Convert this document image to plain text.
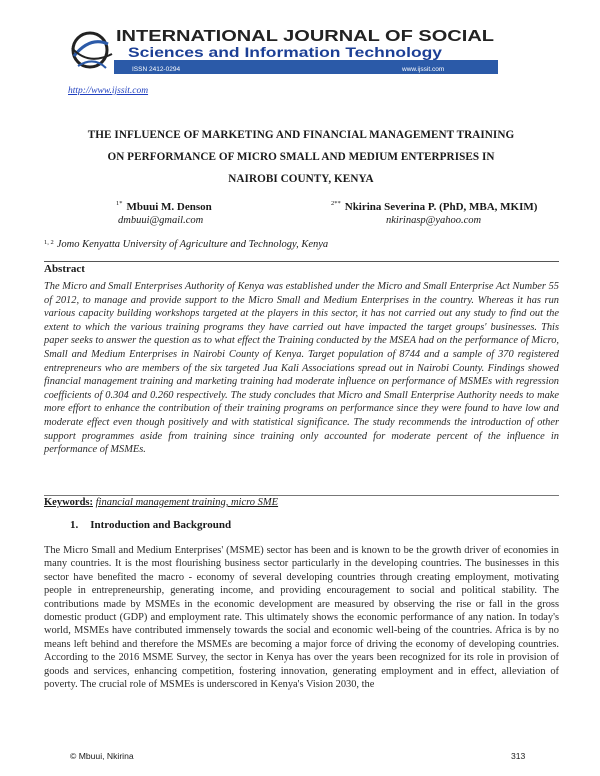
INTERNATIONAL JOURNAL OF SOCIAL
Sciences and Information Technology
ISSN 2412-0294	www.ijssit.com
http://www.ijssit.com
THE INFLUENCE OF MARKETING AND FINANCIAL MANAGEMENT TRAINING
ON PERFORMANCE OF MICRO SMALL AND MEDIUM ENTERPRISES IN
NAIROBI COUNTY, KENYA
$^{1*}$ Mbuui M. Denson
dmbuui@gmail.com
$^{2**}$ Nkirina Severina P. (PhD, MBA, MKIM)
nkirinasp@yahoo.com
$^{1, 2}$ Jomo Kenyatta University of Agriculture and Technology, Kenya
Abstract
The Micro and Small Enterprises Authority of Kenya was established under the Micro and Small Enterprise Act Number 55 of 2012, to manage and provide support to the Micro Small and Medium Enterprises in the country. Whereas it has run various capacity building workshops targeted at the players in this sector, it has not carried out any study to find out the extent to which the various training programs they have carried out have impacted the target groups' businesses. This paper seeks to answer the question as to what effect the Training conducted by the MSEA had on the performance of Micro, Small and Medium Enterprises in Nairobi County of Kenya. Target population of 8744 and a sample of 370 registered entrepreneurs who are members of the six targeted Jua Kali Associations spread out in Nairobi County. Findings showed financial management training and marketing training had moderate influence on performance of MSMEs with regression coefficients of 0.304 and 0.260 respectively. The study concludes that Micro and Small Enterprise Authority needs to make more effort to enhance the contribution of their training programs on performance since they were found to have low and moderate effect even though positively and with statistical significance. The study recommends the introduction of other support programmes aside from training since training only accounted for moderate percent of the influence in performance of MSMEs.
Keywords: financial management training, micro SME
1. Introduction and Background
The Micro Small and Medium Enterprises' (MSME) sector has been and is known to be the growth driver of economies in many countries. It is the most flourishing business sector particularly in the developing countries. The businesses in this sector have benefited the macro - economy of several developing countries through creating employment, motivating people in entrepreneurship, generating income, and providing encouragement to social and political stability. The contributions made by MSMEs in the economic development are measured by observing the rise or fall in the gross domestic product (GDP) and employment rate. This ultimately shows the economic performance of any nation. In today's world, MSMEs have contributed immensely towards the social and economic well-being of the countries. Africa is by no means left behind and therefore the MSMEs are becoming a major force of driving the economy of developing countries. According to the 2016 MSME Survey, the sector in Kenya has over the years been recognized for its role in provision of goods and services, enhancing competition, fostering innovation, generating employment and in effect, alleviation of poverty. The crucial role of MSMEs is underscored in Kenya's Vision 2030, the
© Mbuui, Nkirina	313
